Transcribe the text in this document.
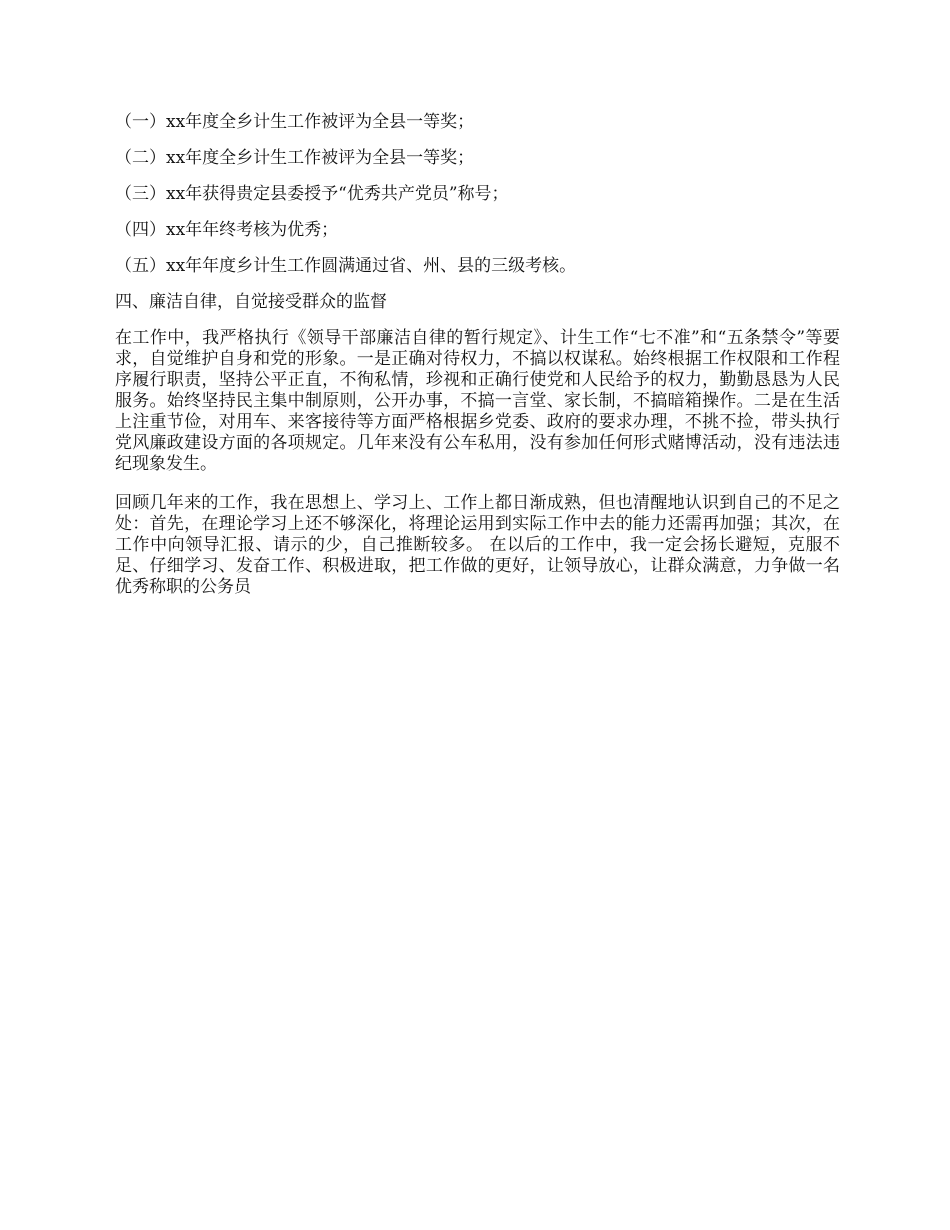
（一）xx年度全乡计生工作被评为全县一等奖；

（二）xx年度全乡计生工作被评为全县一等奖；

（三）xx年获得贵定县委授予“优秀共产党员”称号；

（四）xx年年终考核为优秀；

（五）xx年年度乡计生工作圆满通过省、州、县的三级考核。

四、廉洁自律，自觉接受群众的监督

在工作中，我严格执行《领导干部廉洁自律的暂行规定》、计生工作“七不准”和“五条禁令”等要求，自觉维护自身和党的形象。一是正确对待权力，不搞以权谋私。始终根据工作权限和工作程序履行职责，坚持公平正直，不徇私情，珍视和正确行使党和人民给予的权力，勤勤恳恳为人民服务。始终坚持民主集中制原则，公开办事，不搞一言堂、家长制，不搞暗箱操作。二是在生活上注重节俭，对用车、来客接待等方面严格根据乡党委、政府的要求办理，不挑不捡，带头执行党风廉政建设方面的各项规定。几年来没有公车私用，没有参加任何形式赌博活动，没有违法违纪现象发生。

回顾几年来的工作，我在思想上、学习上、工作上都日渐成熟，但也清醒地认识到自己的不足之处：首先，在理论学习上还不够深化，将理论运用到实际工作中去的能力还需再加强；其次，在工作中向领导汇报、请示的少，自己推断较多。 在以后的工作中，我一定会扬长避短，克服不足、仔细学习、发奋工作、积极进取，把工作做的更好，让领导放心，让群众满意，力争做一名优秀称职的公务员
